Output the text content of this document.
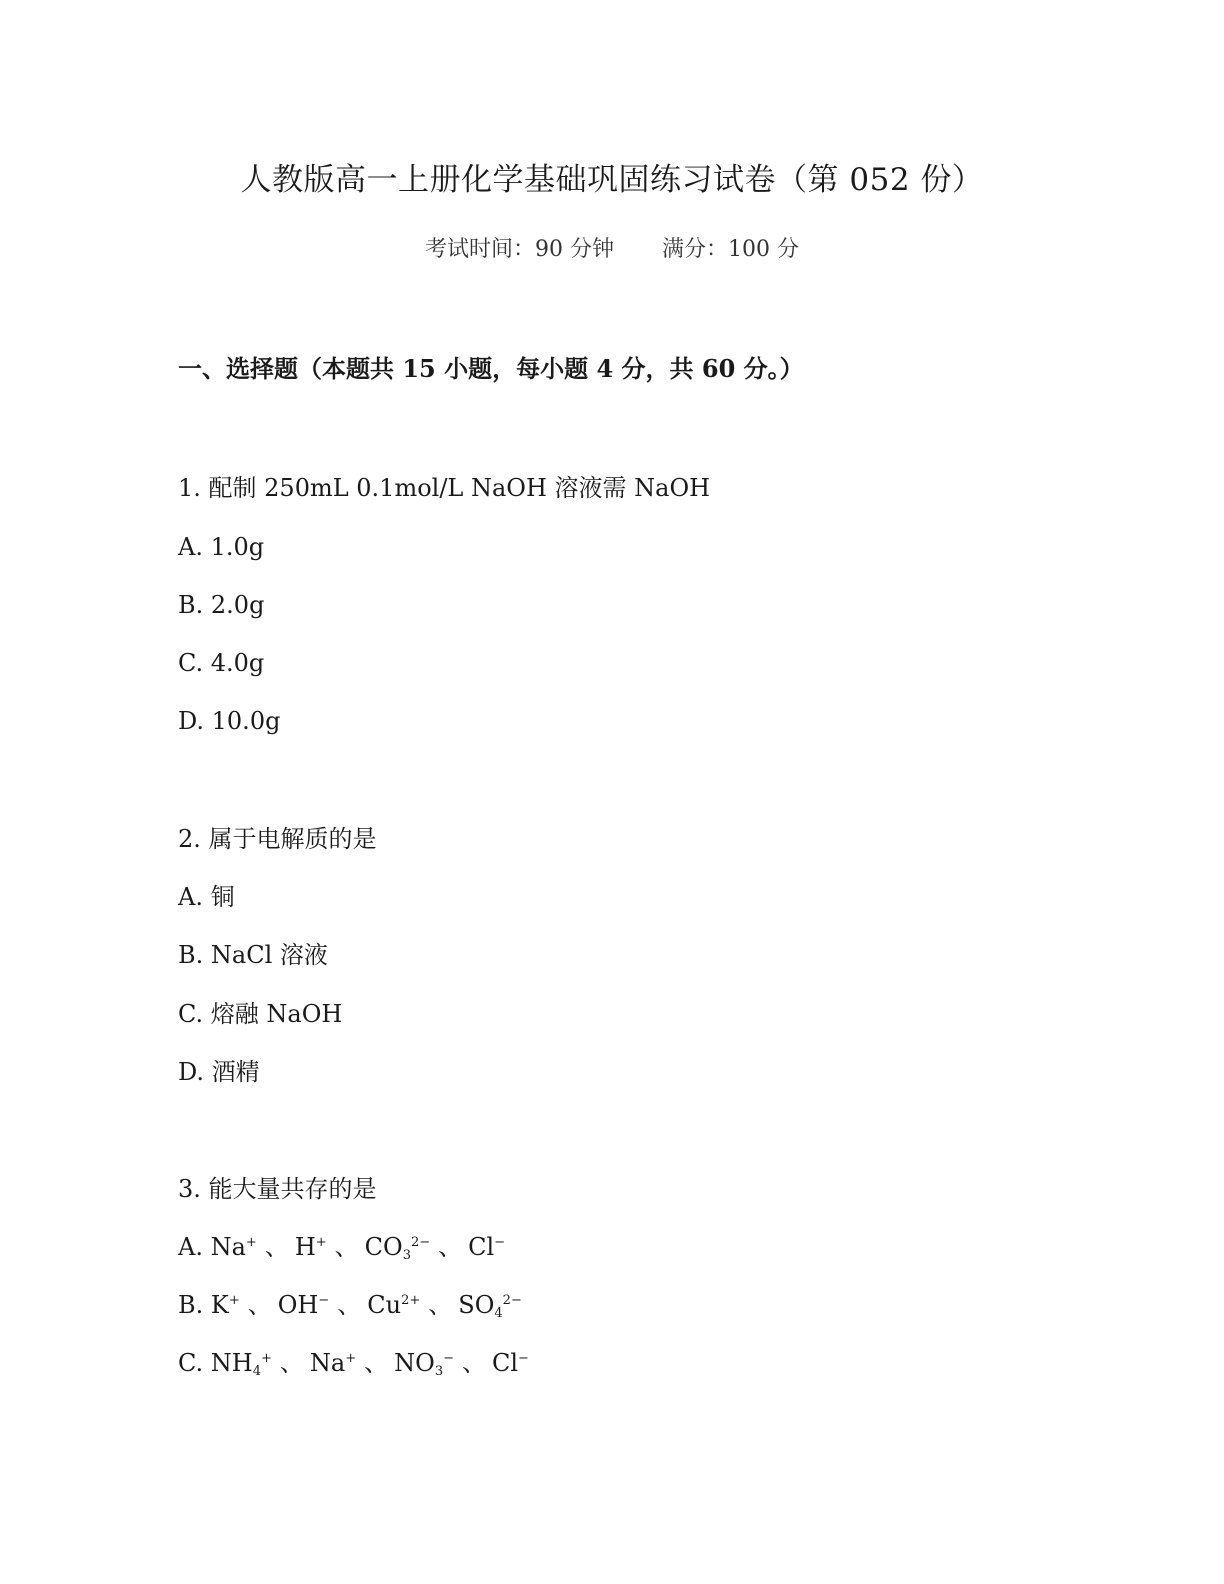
人教版高一上册化学基础巩固练习试卷（第 052 份）
考试时间：90 分钟 满分：100 分
一、选择题（本题共 15 小题，每小题 4 分，共 60 分。）
1. 配制 250mL 0.1mol/L NaOH 溶液需 NaOH
A. 1.0g
B. 2.0g
C. 4.0g
D. 10.0g
2. 属于电解质的是
A. 铜
B. NaCl 溶液
C. 熔融 NaOH
D. 酒精
3. 能大量共存的是
A. Na+ 、 H+ 、 $CO_3^{2-}$ 、 Cl−
B. K+ 、 OH− 、 $Cu^{2+}$ 、 $SO_4^{2-}$
C. $NH_4^+$ 、 Na+ 、 $NO_3^-$ 、 Cl−
